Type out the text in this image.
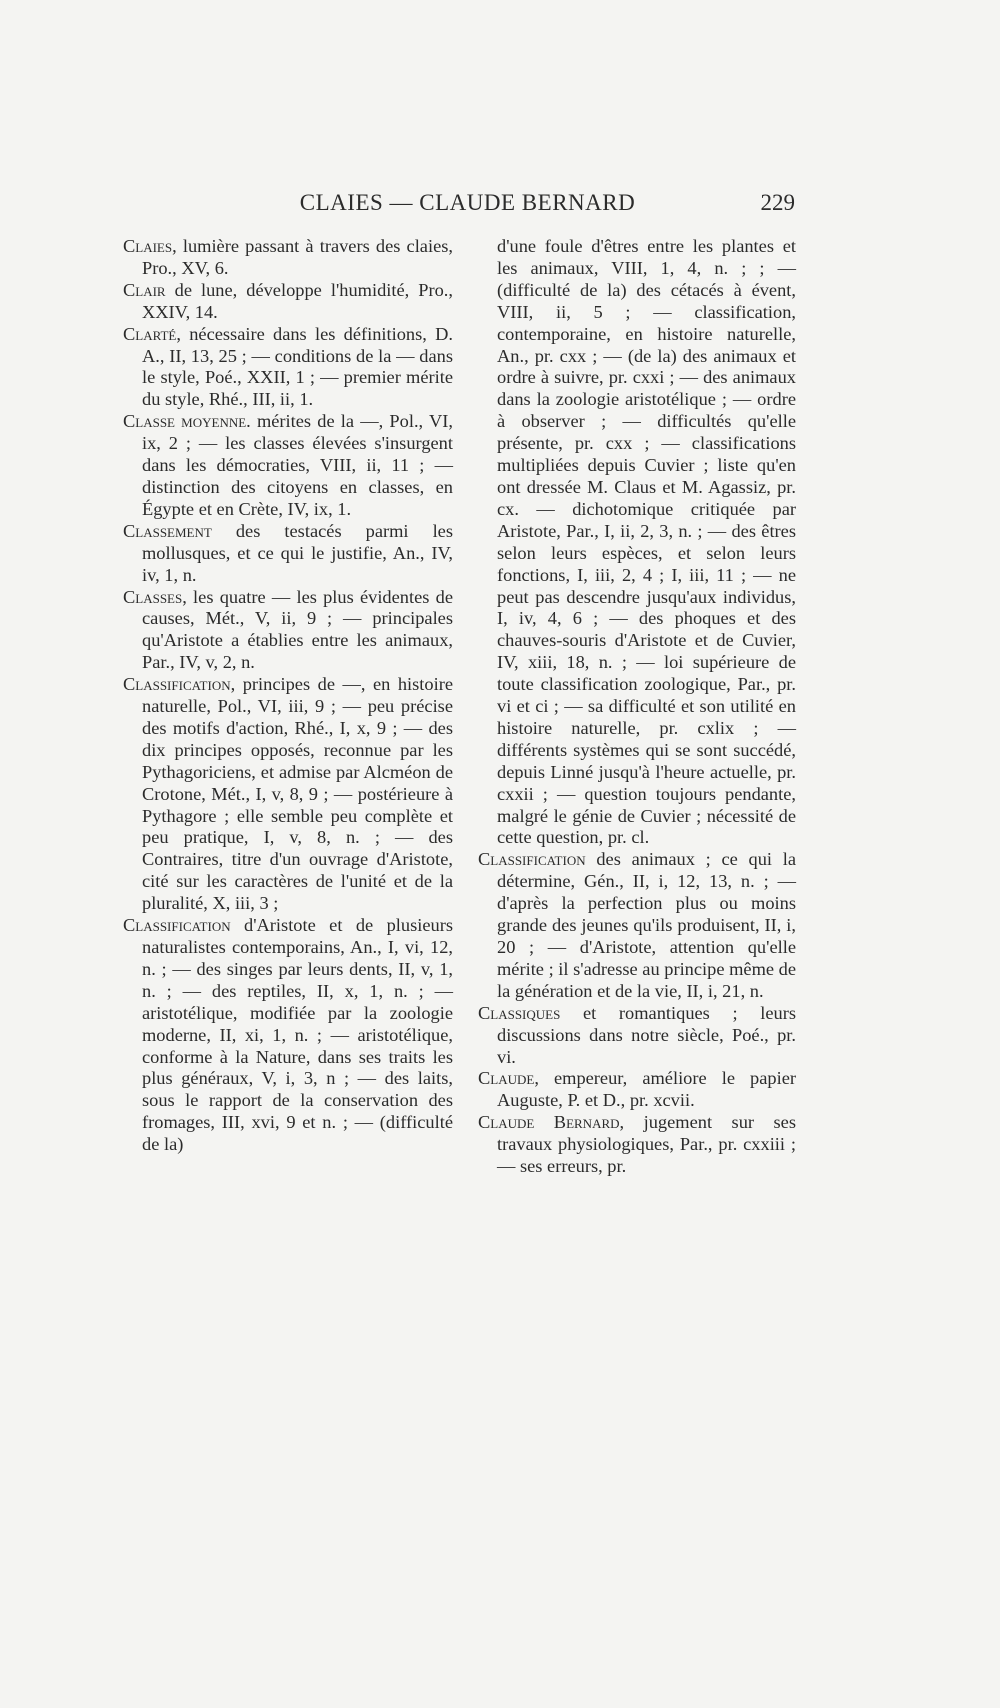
CLAIES — CLAUDE BERNARD	229

Claies, lumière passant à travers des claies, Pro., XV, 6.

Clair de lune, développe l'humidité, Pro., XXIV, 14.

Clarté, nécessaire dans les définitions, D. A., II, 13, 25 ; — conditions de la — dans le style, Poé., XXII, 1 ; — premier mérite du style, Rhé., III, ii, 1.

Classe moyenne. mérites de la —, Pol., VI, ix, 2 ; — les classes élevées s'insurgent dans les démocraties, VIII, ii, 11 ; — distinction des citoyens en classes, en Égypte et en Crète, IV, ix, 1.

Classement des testacés parmi les mollusques, et ce qui le justifie, An., IV, iv, 1, n.

Classes, les quatre — les plus évidentes de causes, Mét., V, ii, 9 ; — principales qu'Aristote a établies entre les animaux, Par., IV, v, 2, n.

Classification, principes de —, en histoire naturelle, Pol., VI, iii, 9 ; — peu précise des motifs d'action, Rhé., I, x, 9 ; — des dix principes opposés, reconnue par les Pythagoriciens, et admise par Alcméon de Crotone, Mét., I, v, 8, 9 ; — postérieure à Pythagore ; elle semble peu complète et peu pratique, I, v, 8, n. ; — des Contraires, titre d'un ouvrage d'Aristote, cité sur les caractères de l'unité et de la pluralité, X, iii, 3 ;

Classification d'Aristote et de plusieurs naturalistes contemporains, An., I, vi, 12, n. ; — des singes par leurs dents, II, v, 1, n. ; — des reptiles, II, x, 1, n. ; — aristotélique, modifiée par la zoologie moderne, II, xi, 1, n. ; — aristotélique, conforme à la Nature, dans ses traits les plus généraux, V, i, 3, n ; — des laits, sous le rapport de la conservation des fromages, III, xvi, 9 et n. ; — (difficulté de la)

d'une foule d'êtres entre les plantes et les animaux, VIII, 1, 4, n. ; ; — (difficulté de la) des cétacés à évent, VIII, ii, 5 ; — classification, contemporaine, en histoire naturelle, An., pr. cxx ; — (de la) des animaux et ordre à suivre, pr. cxxi ; — des animaux dans la zoologie aristotélique ; — ordre à observer ; — difficultés qu'elle présente, pr. cxx ; — classifications multipliées depuis Cuvier ; liste qu'en ont dressée M. Claus et M. Agassiz, pr. cx. — dichotomique critiquée par Aristote, Par., I, ii, 2, 3, n. ; — des êtres selon leurs espèces, et selon leurs fonctions, I, iii, 2, 4 ; I, iii, 11 ; — ne peut pas descendre jusqu'aux individus, I, iv, 4, 6 ; — des phoques et des chauves-souris d'Aristote et de Cuvier, IV, xiii, 18, n. ; — loi supérieure de toute classification zoologique, Par., pr. vi et ci ; — sa difficulté et son utilité en histoire naturelle, pr. cxlix ; — différents systèmes qui se sont succédé, depuis Linné jusqu'à l'heure actuelle, pr. cxxii ; — question toujours pendante, malgré le génie de Cuvier ; nécessité de cette question, pr. cl.

Classification des animaux ; ce qui la détermine, Gén., II, i, 12, 13, n. ; — d'après la perfection plus ou moins grande des jeunes qu'ils produisent, II, i, 20 ; — d'Aristote, attention qu'elle mérite ; il s'adresse au principe même de la génération et de la vie, II, i, 21, n.

Classiques et romantiques ; leurs discussions dans notre siècle, Poé., pr. vi.

Claude, empereur, améliore le papier Auguste, P. et D., pr. xcvii.

Claude Bernard, jugement sur ses travaux physiologiques, Par., pr. cxxiii ; — ses erreurs, pr.
